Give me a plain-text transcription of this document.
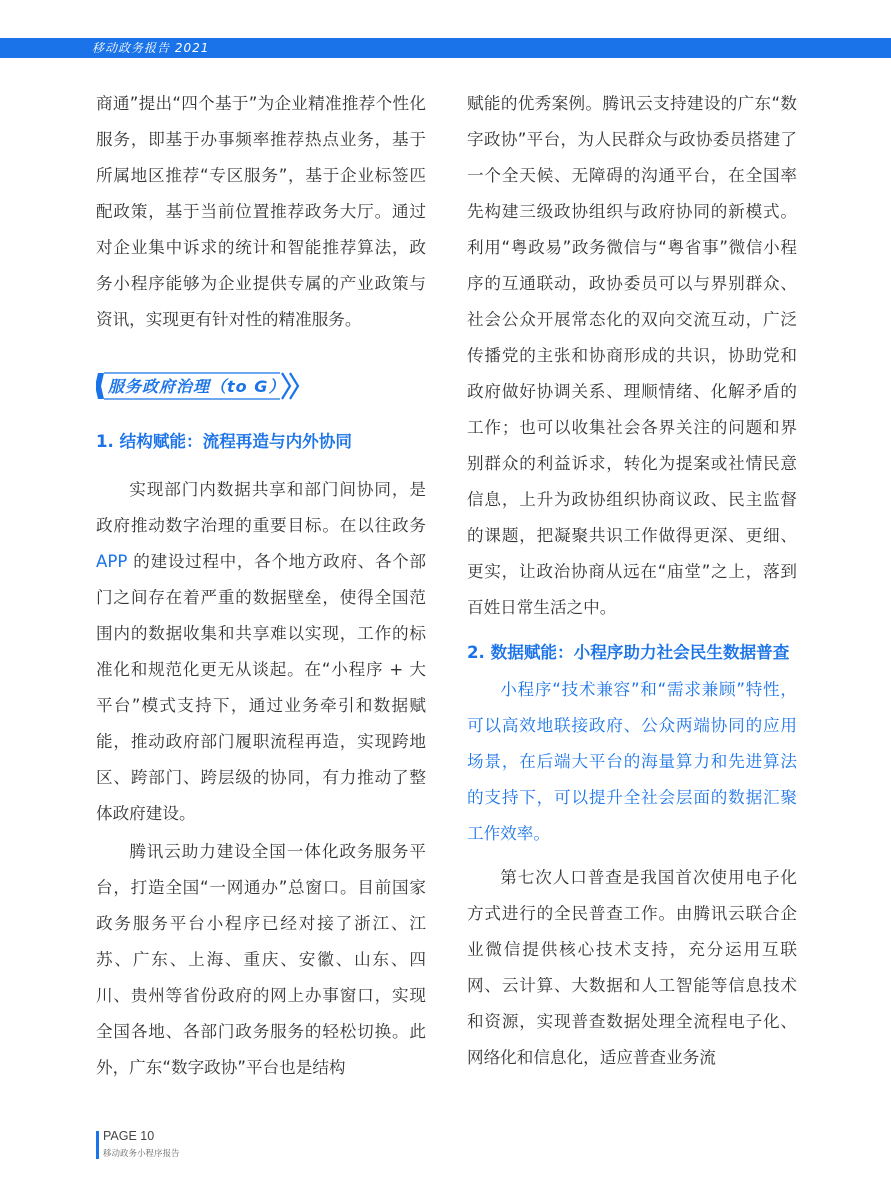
移动政务报告 2021

商通”提出“四个基于”为企业精准推荐个性化服务，即基于办事频率推荐热点业务，基于所属地区推荐“专区服务”，基于企业标签匹配政策，基于当前位置推荐政务大厅。通过对企业集中诉求的统计和智能推荐算法，政务小程序能够为企业提供专属的产业政策与资讯，实现更有针对性的精准服务。

服务政府治理（to G）

1. 结构赋能：流程再造与内外协同

实现部门内数据共享和部门间协同，是政府推动数字治理的重要目标。在以往政务 APP 的建设过程中，各个地方政府、各个部门之间存在着严重的数据壁垒，使得全国范围内的数据收集和共享难以实现，工作的标准化和规范化更无从谈起。在“小程序 + 大平台”模式支持下，通过业务牵引和数据赋能，推动政府部门履职流程再造，实现跨地区、跨部门、跨层级的协同，有力推动了整体政府建设。

腾讯云助力建设全国一体化政务服务平台，打造全国“一网通办”总窗口。目前国家政务服务平台小程序已经对接了浙江、江苏、广东、上海、重庆、安徽、山东、四川、贵州等省份政府的网上办事窗口，实现全国各地、各部门政务服务的轻松切换。此外，广东“数字政协”平台也是结构

赋能的优秀案例。腾讯云支持建设的广东“数字政协”平台，为人民群众与政协委员搭建了一个全天候、无障碍的沟通平台，在全国率先构建三级政协组织与政府协同的新模式。利用“粤政易”政务微信与“粤省事”微信小程序的互通联动，政协委员可以与界别群众、社会公众开展常态化的双向交流互动，广泛传播党的主张和协商形成的共识，协助党和政府做好协调关系、理顺情绪、化解矛盾的工作；也可以收集社会各界关注的问题和界别群众的利益诉求，转化为提案或社情民意信息，上升为政协组织协商议政、民主监督的课题，把凝聚共识工作做得更深、更细、更实，让政治协商从远在“庙堂”之上，落到百姓日常生活之中。

2. 数据赋能：小程序助力社会民生数据普查

小程序“技术兼容”和“需求兼顾”特性，可以高效地联接政府、公众两端协同的应用场景，在后端大平台的海量算力和先进算法的支持下，可以提升全社会层面的数据汇聚工作效率。

第七次人口普查是我国首次使用电子化方式进行的全民普查工作。由腾讯云联合企业微信提供核心技术支持，充分运用互联网、云计算、大数据和人工智能等信息技术和资源，实现普查数据处理全流程电子化、网络化和信息化，适应普查业务流

PAGE 10
移动政务小程序报告
